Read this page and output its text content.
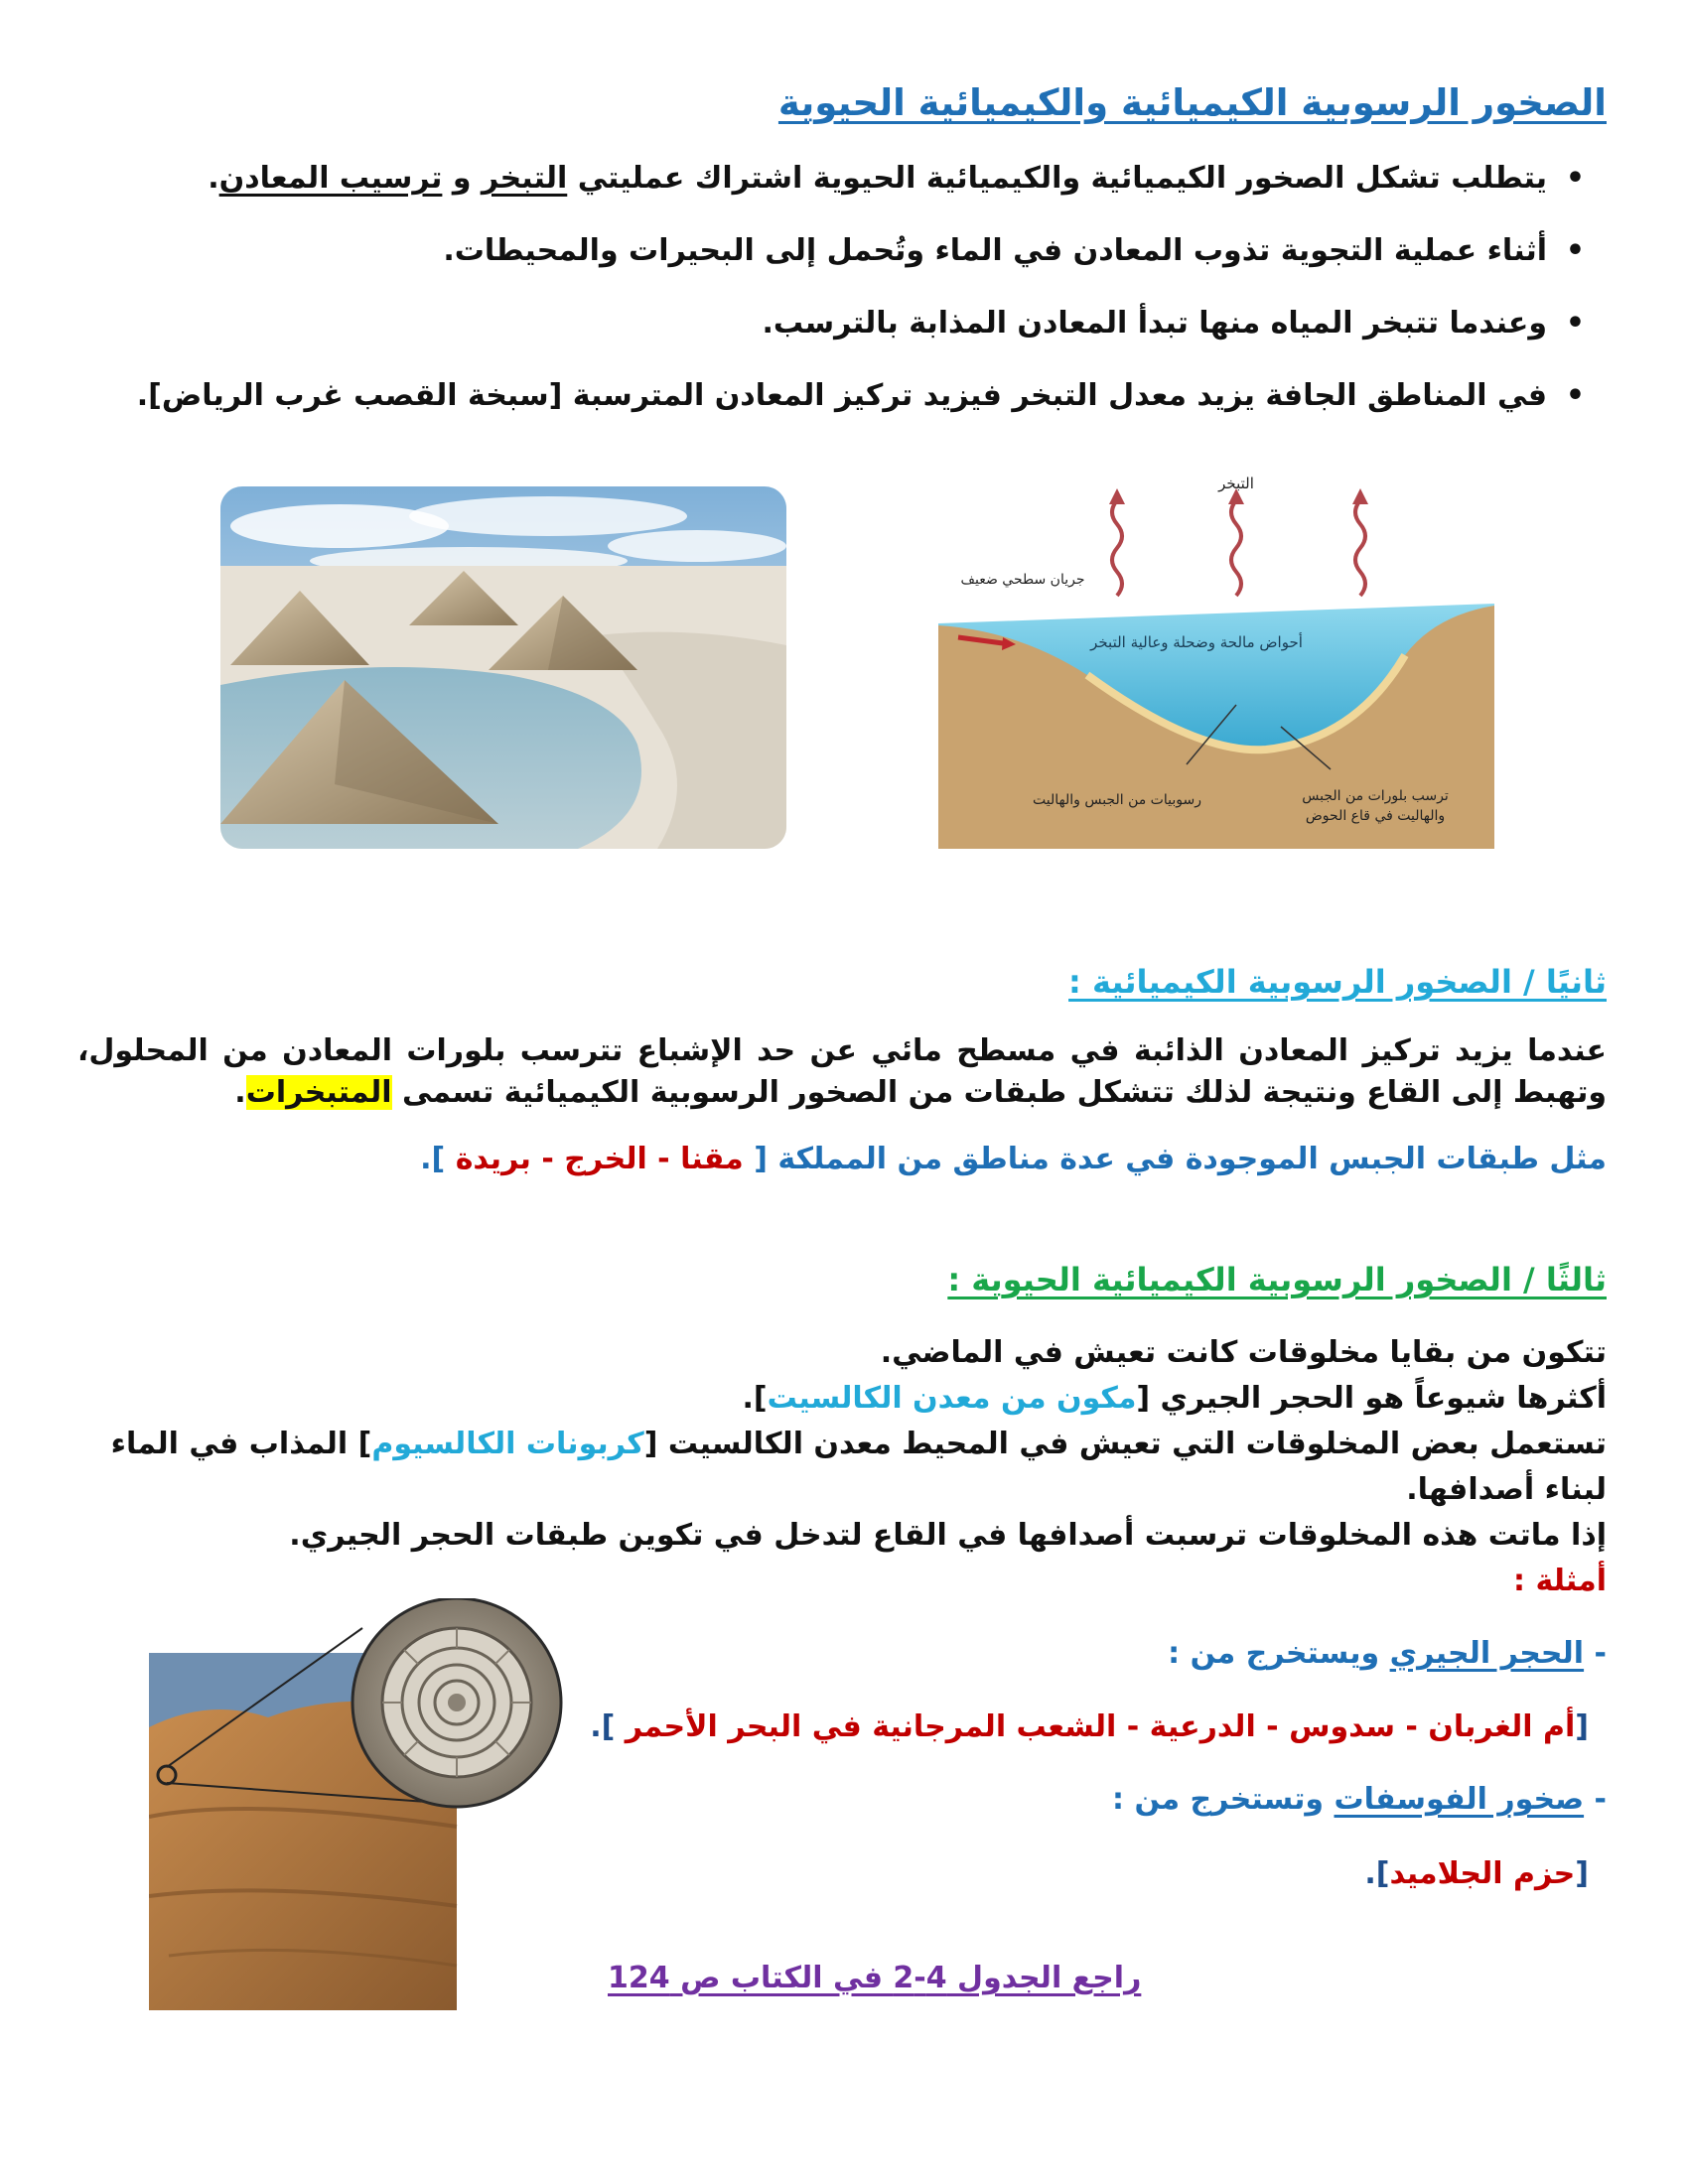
الصخور الرسوبية الكيميائية والكيميائية الحيوية
• يتطلب تشكل الصخور الكيميائية والكيميائية الحيوية اشتراك عمليتي التبخر و ترسيب المعادن.
• أثناء عملية التجوية تذوب المعادن في الماء وتُحمل إلى البحيرات والمحيطات.
• وعندما تتبخر المياه منها تبدأ المعادن المذابة بالترسب.
• في المناطق الجافة يزيد معدل التبخر فيزيد تركيز المعادن المترسبة [سبخة القصب غرب الرياض].
التبخر
جريان سطحي ضعيف
أحواض مالحة وضحلة وعالية التبخر
رسوبيات من الجبس والهاليت	ترسب بلورات من الجبس
والهاليت في قاع الحوض
ثانيًا / الصخور الرسوبية الكيميائية :
عندما يزيد تركيز المعادن الذائبة في مسطح مائي عن حد الإشباع تترسب بلورات المعادن من المحلول، وتهبط إلى القاع ونتيجة لذلك تتشكل طبقات من الصخور الرسوبية الكيميائية تسمى المتبخرات.
مثل طبقات الجبس الموجودة في عدة مناطق من المملكة [ مقنا - الخرج - بريدة ].
ثالثًا / الصخور الرسوبية الكيميائية الحيوية :
تتكون من بقايا مخلوقات كانت تعيش في الماضي.
أكثرها شيوعاً هو الحجر الجيري [مكون من معدن الكالسيت].
تستعمل بعض المخلوقات التي تعيش في المحيط معدن الكالسيت [كربونات الكالسيوم] المذاب في الماء لبناء أصدافها.
إذا ماتت هذه المخلوقات ترسبت أصدافها في القاع لتدخل في تكوين طبقات الحجر الجيري.
أمثلة :
- الحجر الجيري ويستخرج من :
[أم الغربان - سدوس - الدرعية - الشعب المرجانية في البحر الأحمر ].
- صخور الفوسفات وتستخرج من :
[حزم الجلاميد].
راجع الجدول 4-2 في الكتاب ص 124
